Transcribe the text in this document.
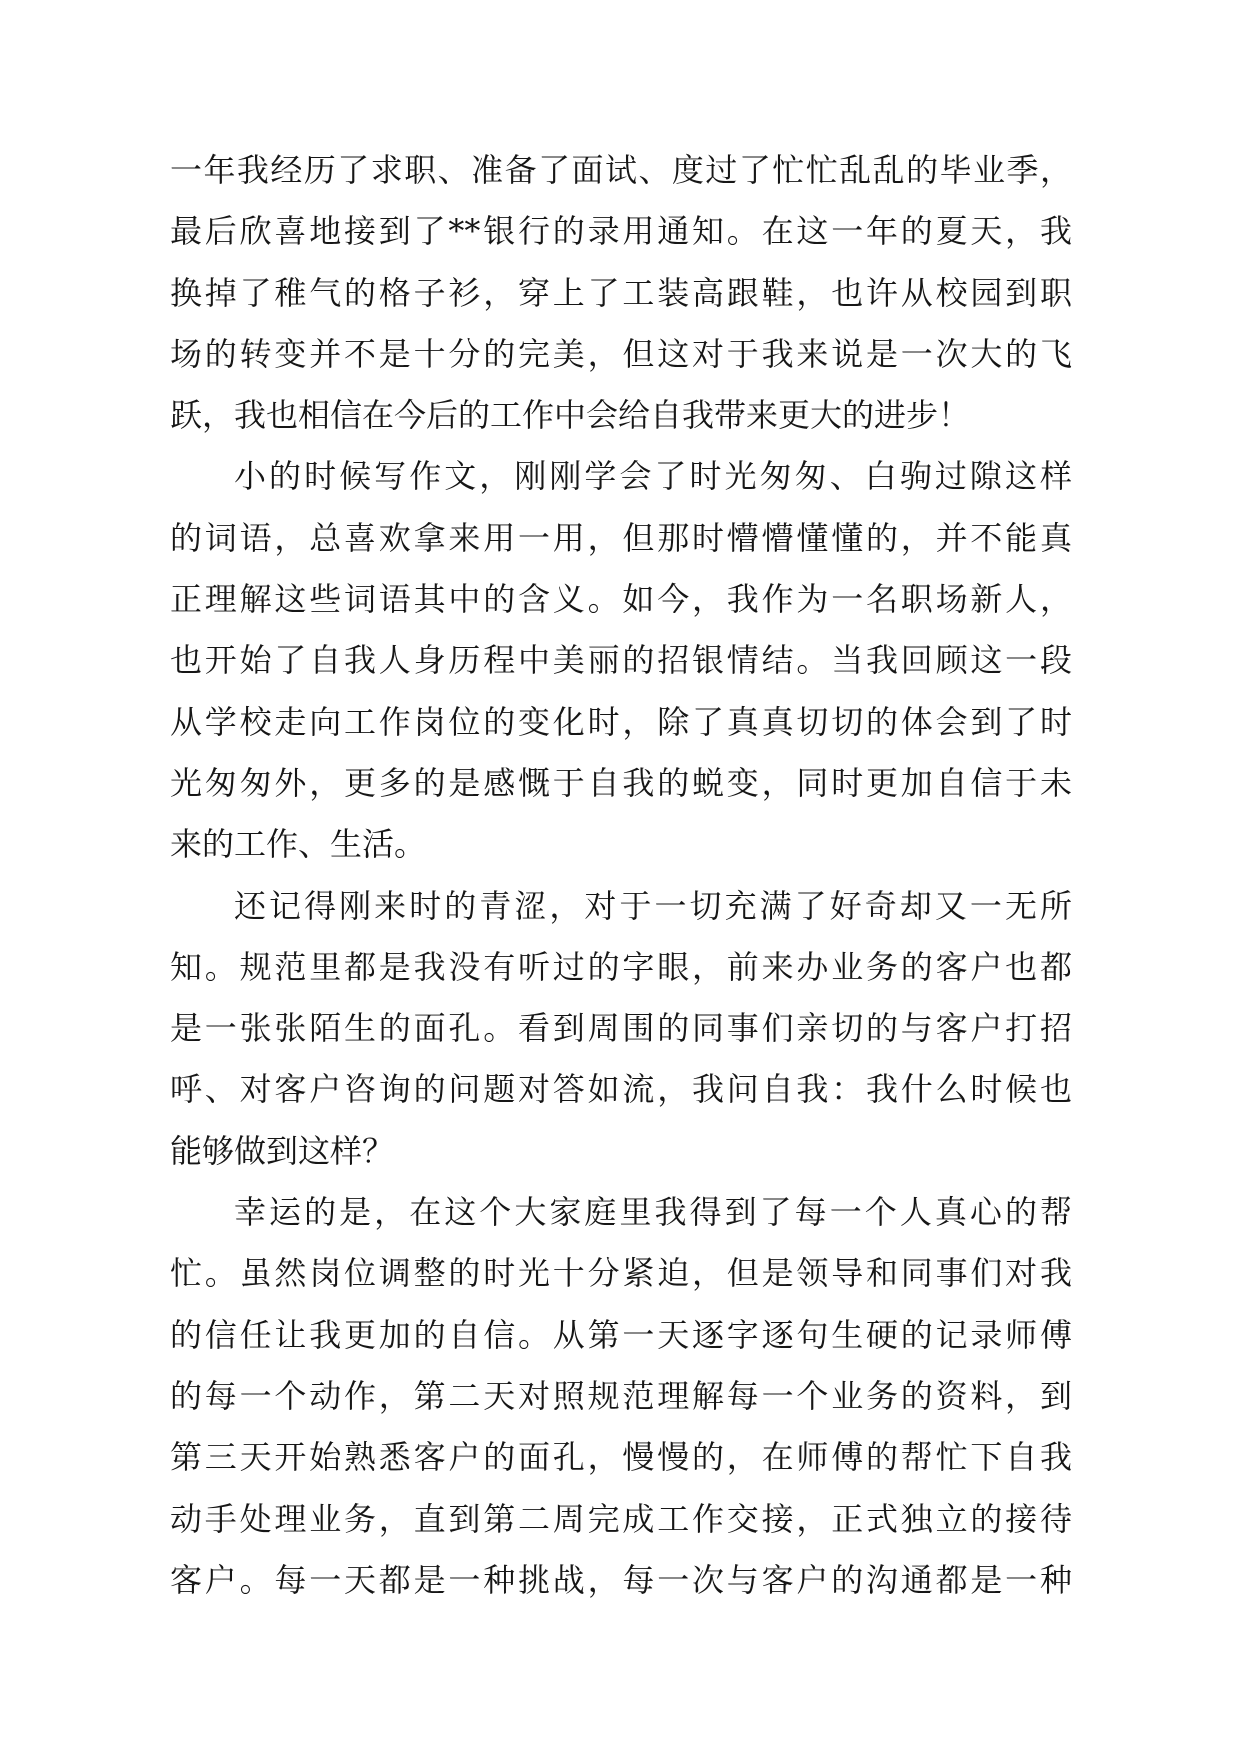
一年我经历了求职、准备了面试、度过了忙忙乱乱的毕业季，
最后欣喜地接到了**银行的录用通知。在这一年的夏天，我
换掉了稚气的格子衫，穿上了工装高跟鞋，也许从校园到职
场的转变并不是十分的完美，但这对于我来说是一次大的飞
跃，我也相信在今后的工作中会给自我带来更大的进步！
小的时候写作文，刚刚学会了时光匆匆、白驹过隙这样
的词语，总喜欢拿来用一用，但那时懵懵懂懂的，并不能真
正理解这些词语其中的含义。如今，我作为一名职场新人，
也开始了自我人身历程中美丽的招银情结。当我回顾这一段
从学校走向工作岗位的变化时，除了真真切切的体会到了时
光匆匆外，更多的是感慨于自我的蜕变，同时更加自信于未
来的工作、生活。
还记得刚来时的青涩，对于一切充满了好奇却又一无所
知。规范里都是我没有听过的字眼，前来办业务的客户也都
是一张张陌生的面孔。看到周围的同事们亲切的与客户打招
呼、对客户咨询的问题对答如流，我问自我：我什么时候也
能够做到这样？
幸运的是，在这个大家庭里我得到了每一个人真心的帮
忙。虽然岗位调整的时光十分紧迫，但是领导和同事们对我
的信任让我更加的自信。从第一天逐字逐句生硬的记录师傅
的每一个动作，第二天对照规范理解每一个业务的资料，到
第三天开始熟悉客户的面孔，慢慢的，在师傅的帮忙下自我
动手处理业务，直到第二周完成工作交接，正式独立的接待
客户。每一天都是一种挑战，每一次与客户的沟通都是一种
